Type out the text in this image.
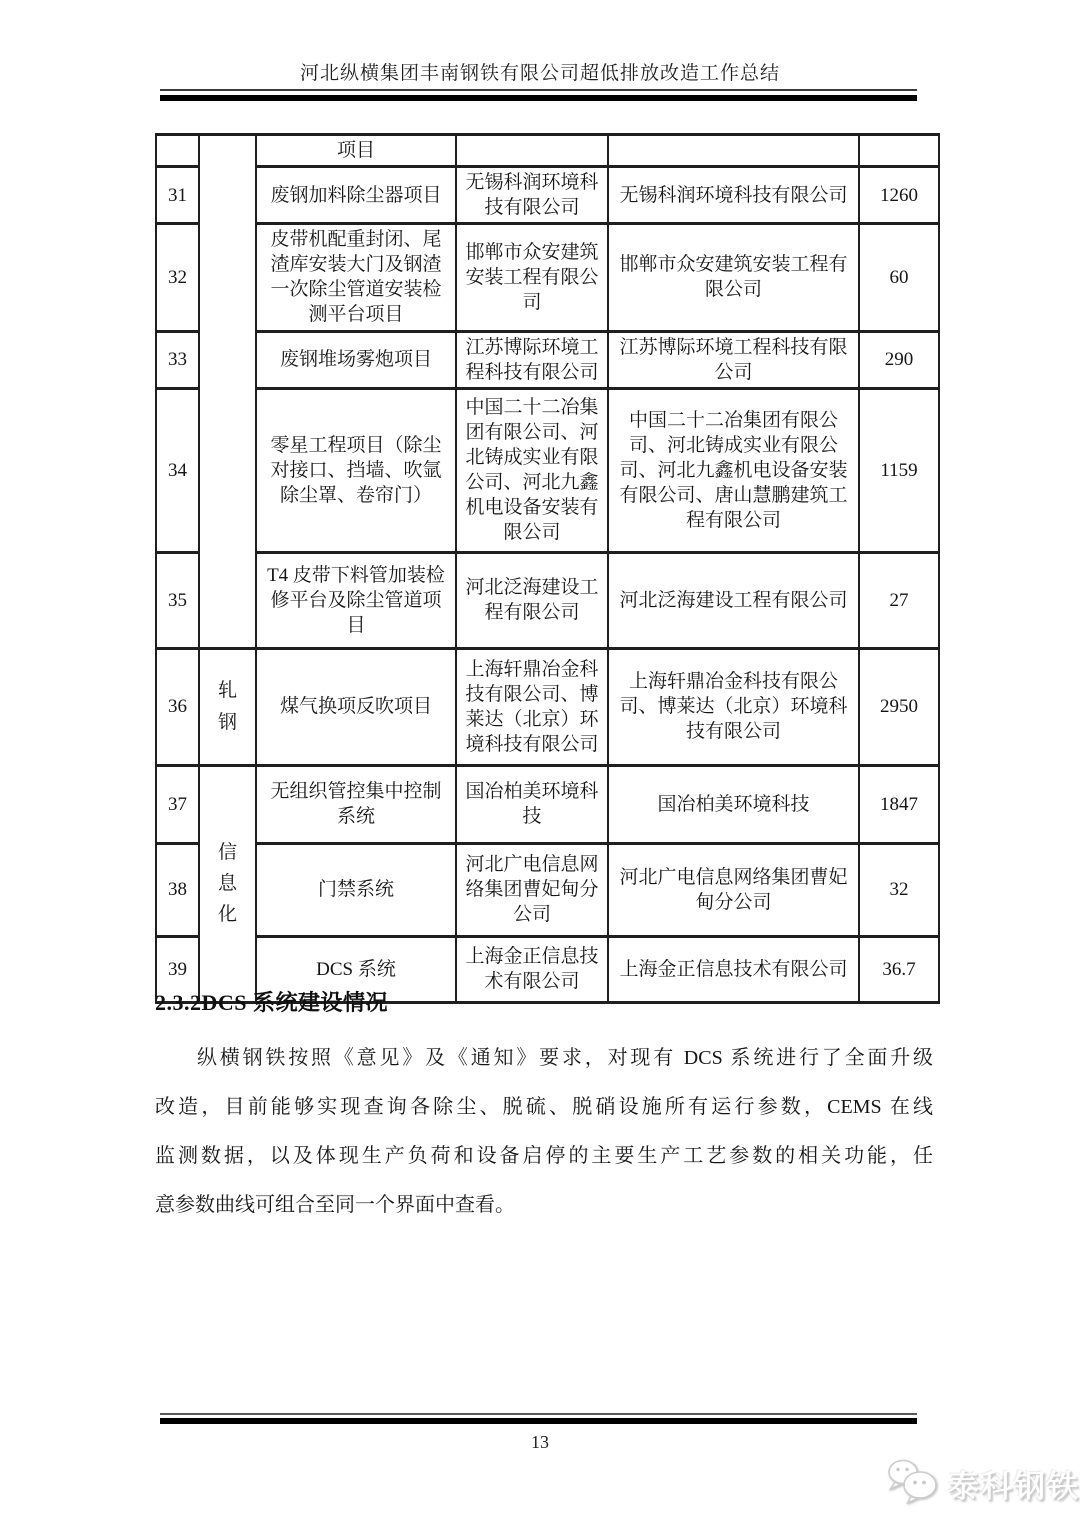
河北纵横集团丰南钢铁有限公司超低排放改造工作总结
		项目			
31		废钢加料除尘器项目	无锡科润环境科技有限公司	无锡科润环境科技有限公司	1260
32		皮带机配重封闭、尾渣库安装大门及钢渣一次除尘管道安装检测平台项目	邯郸市众安建筑安装工程有限公司	邯郸市众安建筑安装工程有限公司	60
33		废钢堆场雾炮项目	江苏博际环境工程科技有限公司	江苏博际环境工程科技有限公司	290
34		零星工程项目（除尘对接口、挡墙、吹氩除尘罩、卷帘门）	中国二十二冶集团有限公司、河北铸成实业有限公司、河北九鑫机电设备安装有限公司	中国二十二冶集团有限公司、河北铸成实业有限公司、河北九鑫机电设备安装有限公司、唐山慧鹏建筑工程有限公司	1159
35		T4 皮带下料管加装检修平台及除尘管道项目	河北泛海建设工程有限公司	河北泛海建设工程有限公司	27
36	轧钢	煤气换项反吹项目	上海轩鼎冶金科技有限公司、博莱达（北京）环境科技有限公司	上海轩鼎冶金科技有限公司、博莱达（北京）环境科技有限公司	2950
37	信息化	无组织管控集中控制系统	国冶柏美环境科技	国冶柏美环境科技	1847
38		门禁系统	河北广电信息网络集团曹妃甸分公司	河北广电信息网络集团曹妃甸分公司	32
39		DCS 系统	上海金正信息技术有限公司	上海金正信息技术有限公司	36.7
2.3.2DCS 系统建设情况
纵横钢铁按照《意见》及《通知》要求，对现有 DCS 系统进行了全面升级
改造，目前能够实现查询各除尘、脱硫、脱硝设施所有运行参数，CEMS 在线
监测数据，以及体现生产负荷和设备启停的主要生产工艺参数的相关功能，任
意参数曲线可组合至同一个界面中查看。
13
泰科钢铁
